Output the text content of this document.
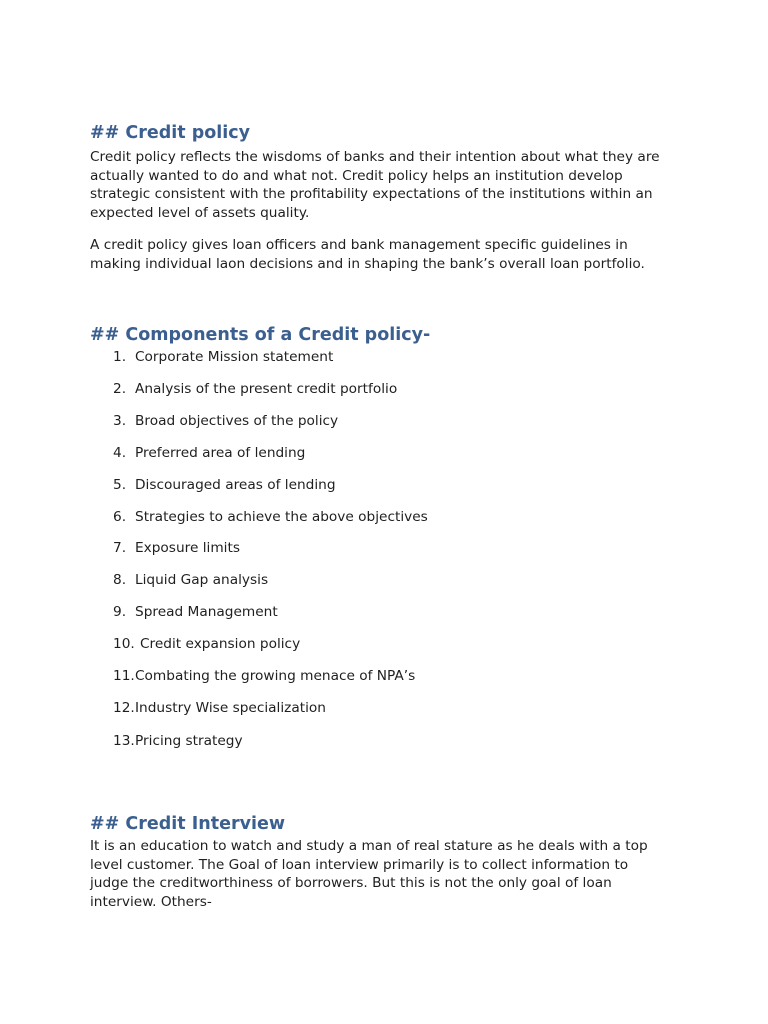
## Credit policy

Credit policy reflects the wisdoms of banks and their intention about what they are
actually wanted to do and what not. Credit policy helps an institution develop
strategic consistent with the profitability expectations of the institutions within an
expected level of assets quality.

A credit policy gives loan officers and bank management specific guidelines in
making individual laon decisions and in shaping the bank’s overall loan portfolio.

## Components of a Credit policy-
1. Corporate Mission statement
2. Analysis of the present credit portfolio
3. Broad objectives of the policy
4. Preferred area of lending
5. Discouraged areas of lending
6. Strategies to achieve the above objectives
7. Exposure limits
8. Liquid Gap analysis
9. Spread Management
10. Credit expansion policy
11.Combating the growing menace of NPA’s
12.Industry Wise specialization
13.Pricing strategy
## Credit Interview

It is an education to watch and study a man of real stature as he deals with a top
level customer. The Goal of loan interview primarily is to collect information to
judge the creditworthiness of borrowers. But this is not the only goal of loan
interview. Others-
